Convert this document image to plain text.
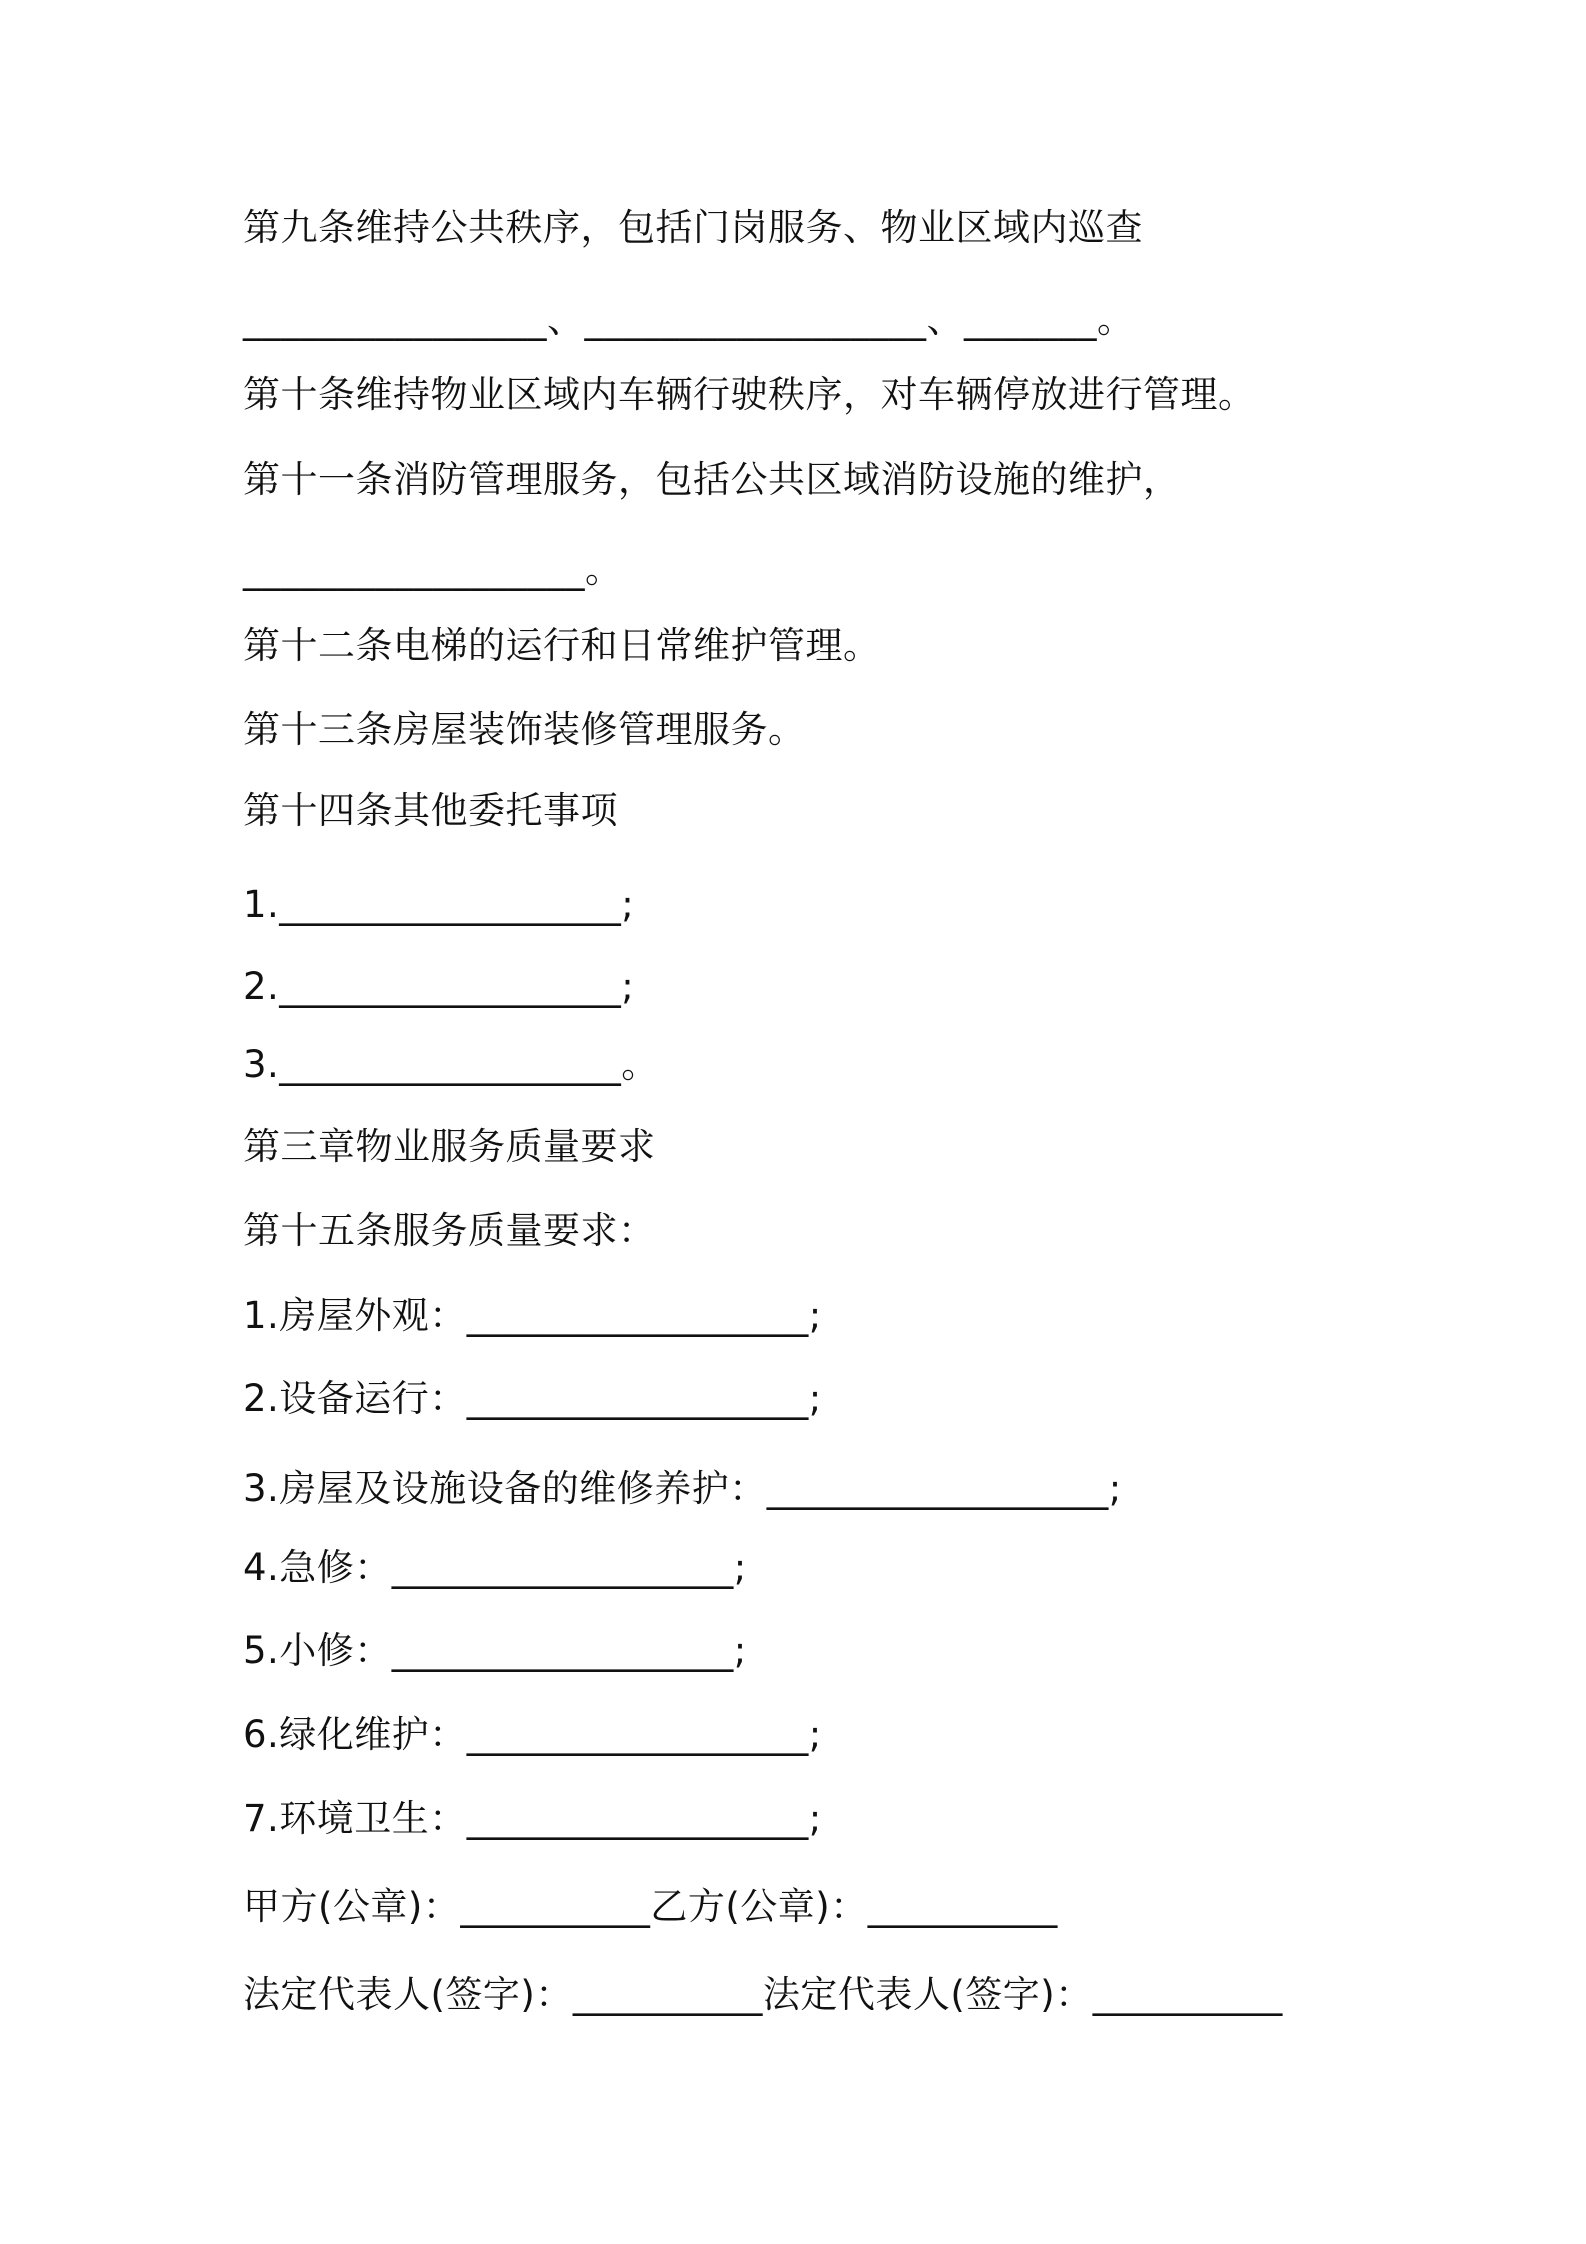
第九条维持公共秩序，包括门岗服务、物业区域内巡查
________________、__________________、_______。
第十条维持物业区域内车辆行驶秩序，对车辆停放进行管理。
第十一条消防管理服务，包括公共区域消防设施的维护，
__________________。
第十二条电梯的运行和日常维护管理。
第十三条房屋装饰装修管理服务。
第十四条其他委托事项
1.__________________;
2.__________________;
3.__________________。
第三章物业服务质量要求
第十五条服务质量要求：
1.房屋外观：__________________;
2.设备运行：__________________;
3.房屋及设施设备的维修养护：__________________;
4.急修：__________________;
5.小修：__________________;
6.绿化维护：__________________;
7.环境卫生：__________________;
甲方(公章)：__________乙方(公章)：__________
法定代表人(签字)：__________法定代表人(签字)：__________
